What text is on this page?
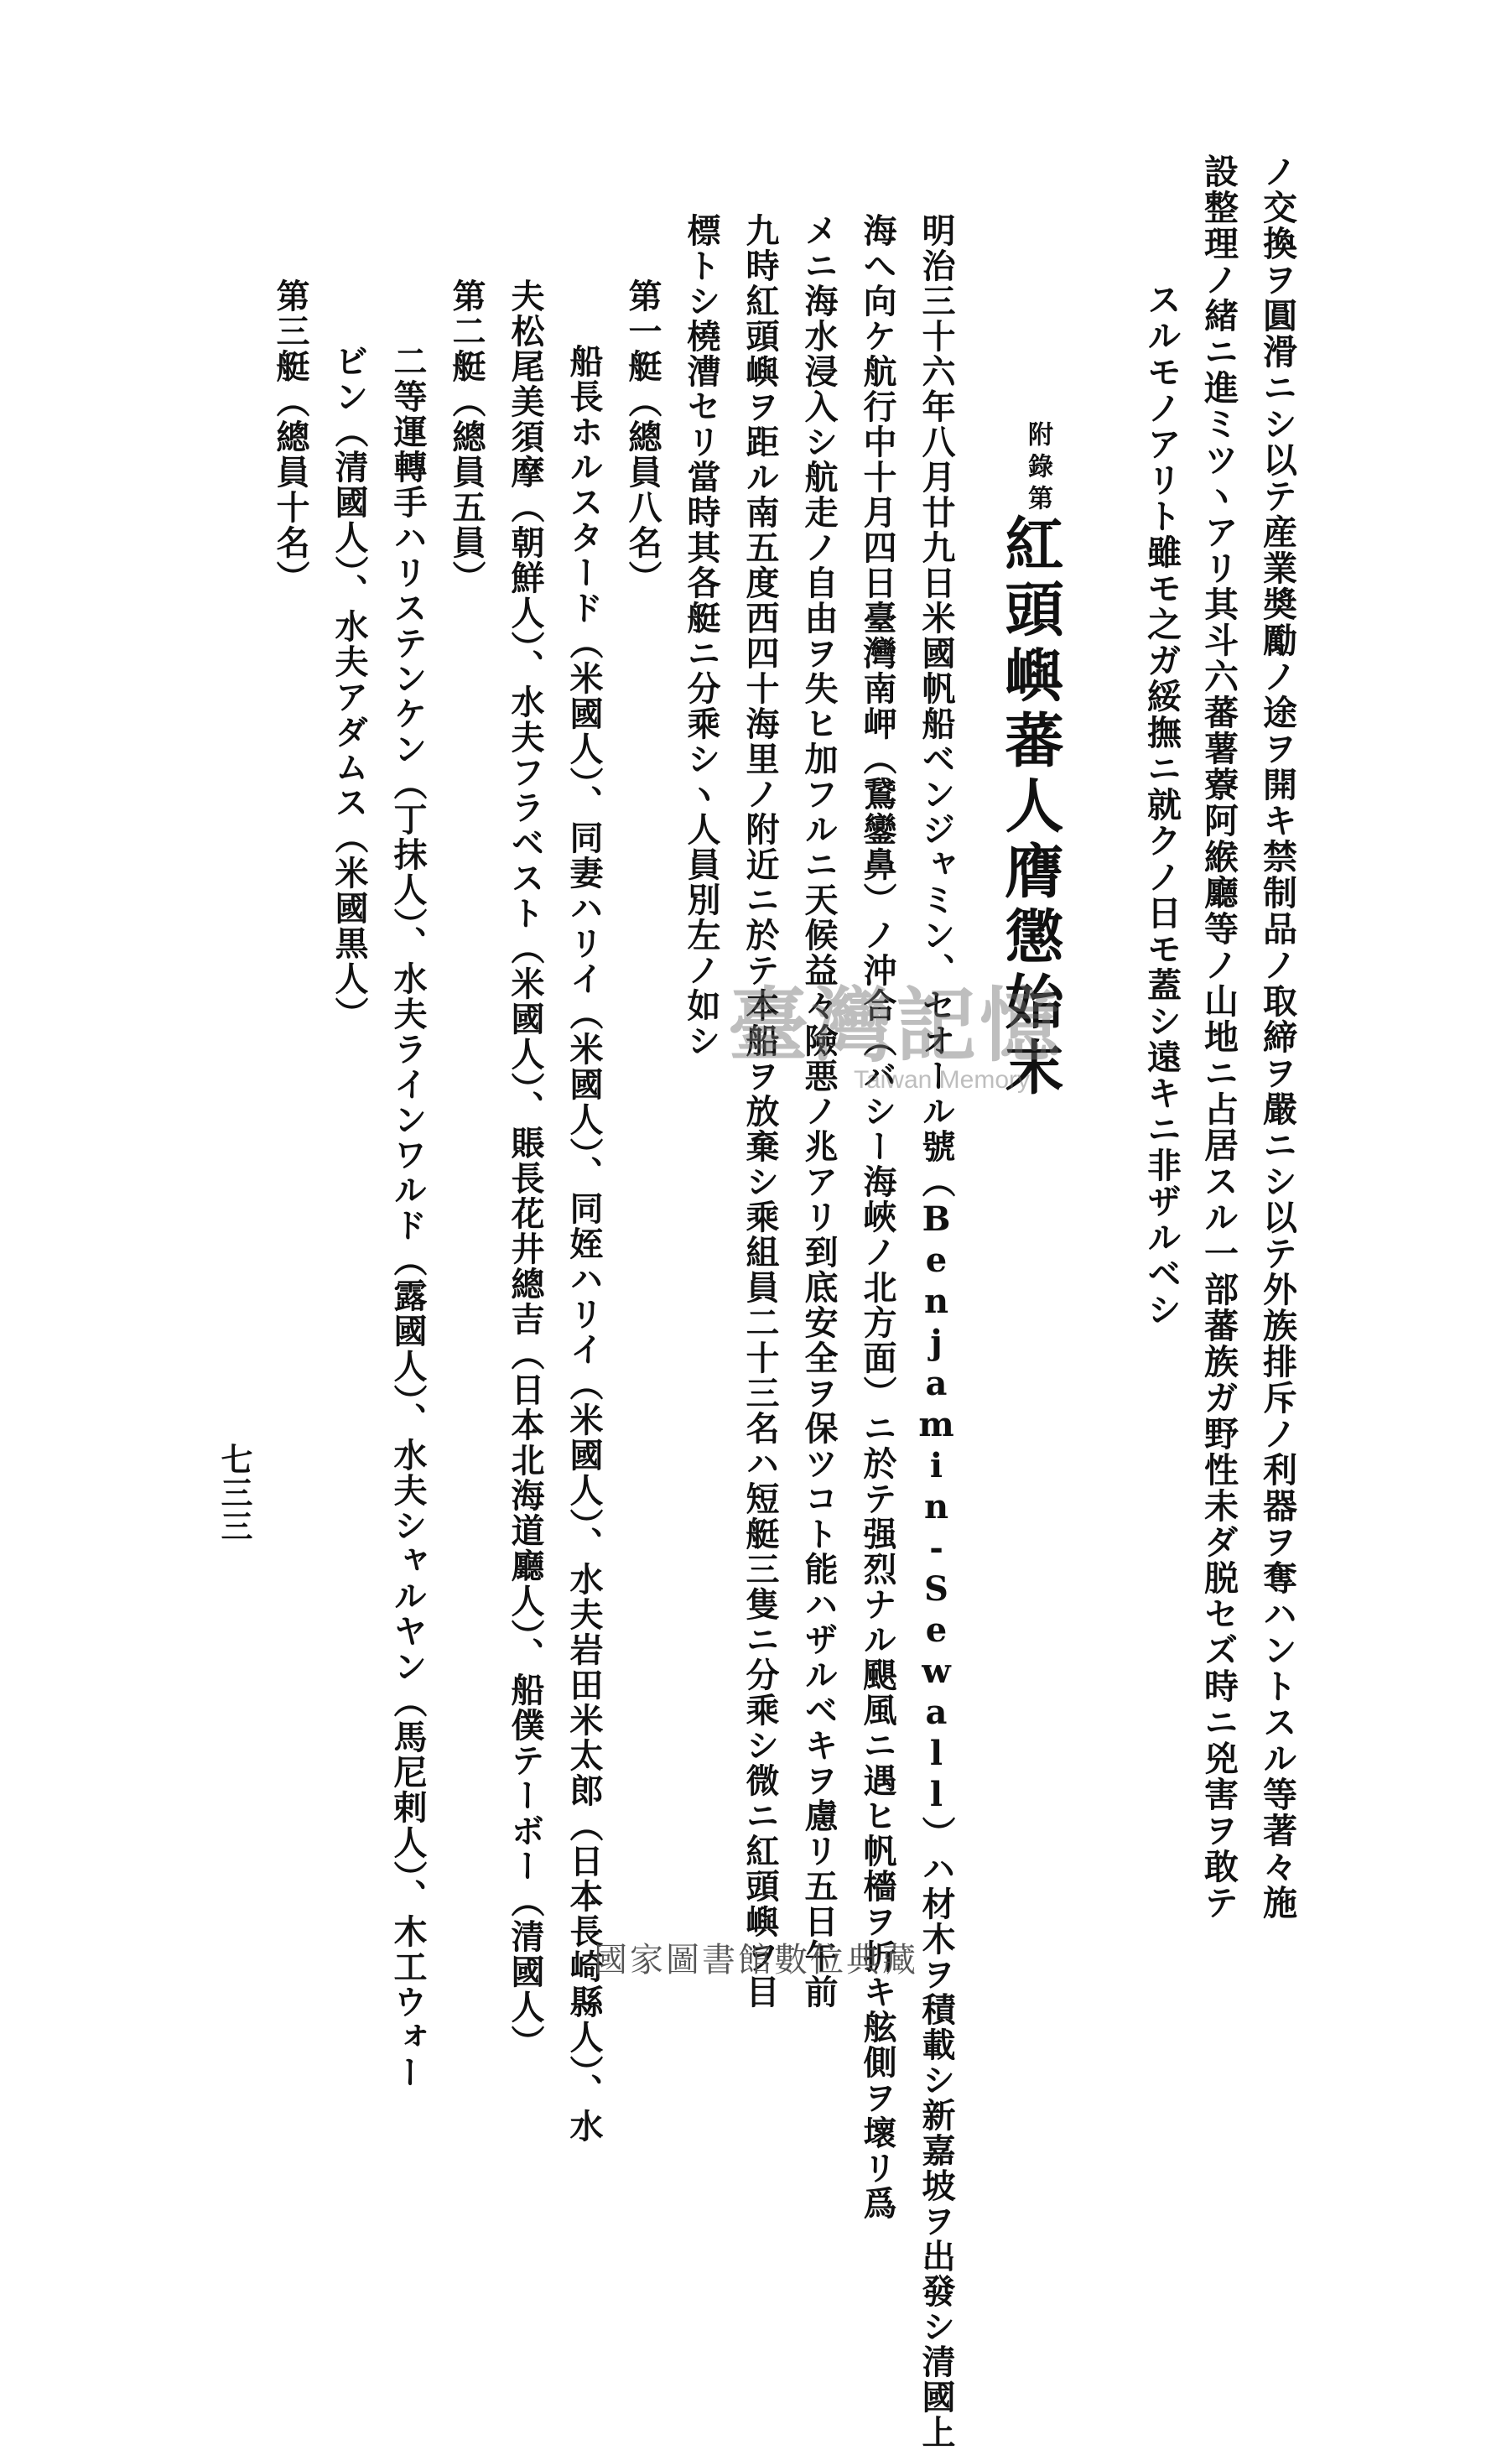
ノ交換ヲ圓滑ニシ以テ産業奬勵ノ途ヲ開キ禁制品ノ取締ヲ嚴ニシ以テ外族排斥ノ利器ヲ奪ハントスル等著々施
設整理ノ緒ニ進ミツヽアリ其斗六蕃薯藔阿緱廳等ノ山地ニ占居スル一部蕃族ガ野性未ダ脱セズ時ニ兇害ヲ敢テ
スルモノアリト雖モ之ガ綏撫ニ就クノ日モ蓋シ遠キニ非ザルベシ
附錄第一
紅頭嶼蕃人膺懲始末
明治三十六年八月廿九日米國帆船ベンジャミン、セオール號（Benjamin-Sewall）ハ材木ヲ積載シ新嘉坡ヲ出發シ清國上
海へ向ケ航行中十月四日臺灣南岬（鵞鑾鼻）ノ沖合（バシー海峽ノ北方面）ニ於テ强烈ナル颶風ニ遇ヒ帆檣ヲ折キ舷側ヲ壞リ爲
メニ海水浸入シ航走ノ自由ヲ失ヒ加フルニ天候益々險悪ノ兆アリ到底安全ヲ保ツコト能ハザルベキヲ慮リ五日午前
九時紅頭嶼ヲ距ル南五度西四十海里ノ附近ニ於テ本船ヲ放棄シ乘組員二十三名ハ短艇三隻ニ分乘シ微ニ紅頭嶼ヲ目
標トシ橈漕セリ當時其各艇ニ分乘シヽ人員別左ノ如シ
第一艇（總員八名）
船長ホルスタード（米國人）、同妻ハリイ（米國人）、同姪ハリイ（米國人）、水夫岩田米太郎（日本長崎縣人）、水
夫松尾美須摩（朝鮮人）、水夫フラベスト（米國人）、賬長花井總吉（日本北海道廳人）、船僕テーボー（清國人）
第二艇（總員五員）
二等運轉手ハリステンケン（丁抹人）、水夫ラインワルド（露國人）、水夫シャルヤン（馬尼剌人）、木工ウォー
ビン（清國人）、水夫アダムス（米國黒人）
第三艇（總員十名）
七三三
臺灣記憶
Taiwan Memory
國家圖書館數位典藏
